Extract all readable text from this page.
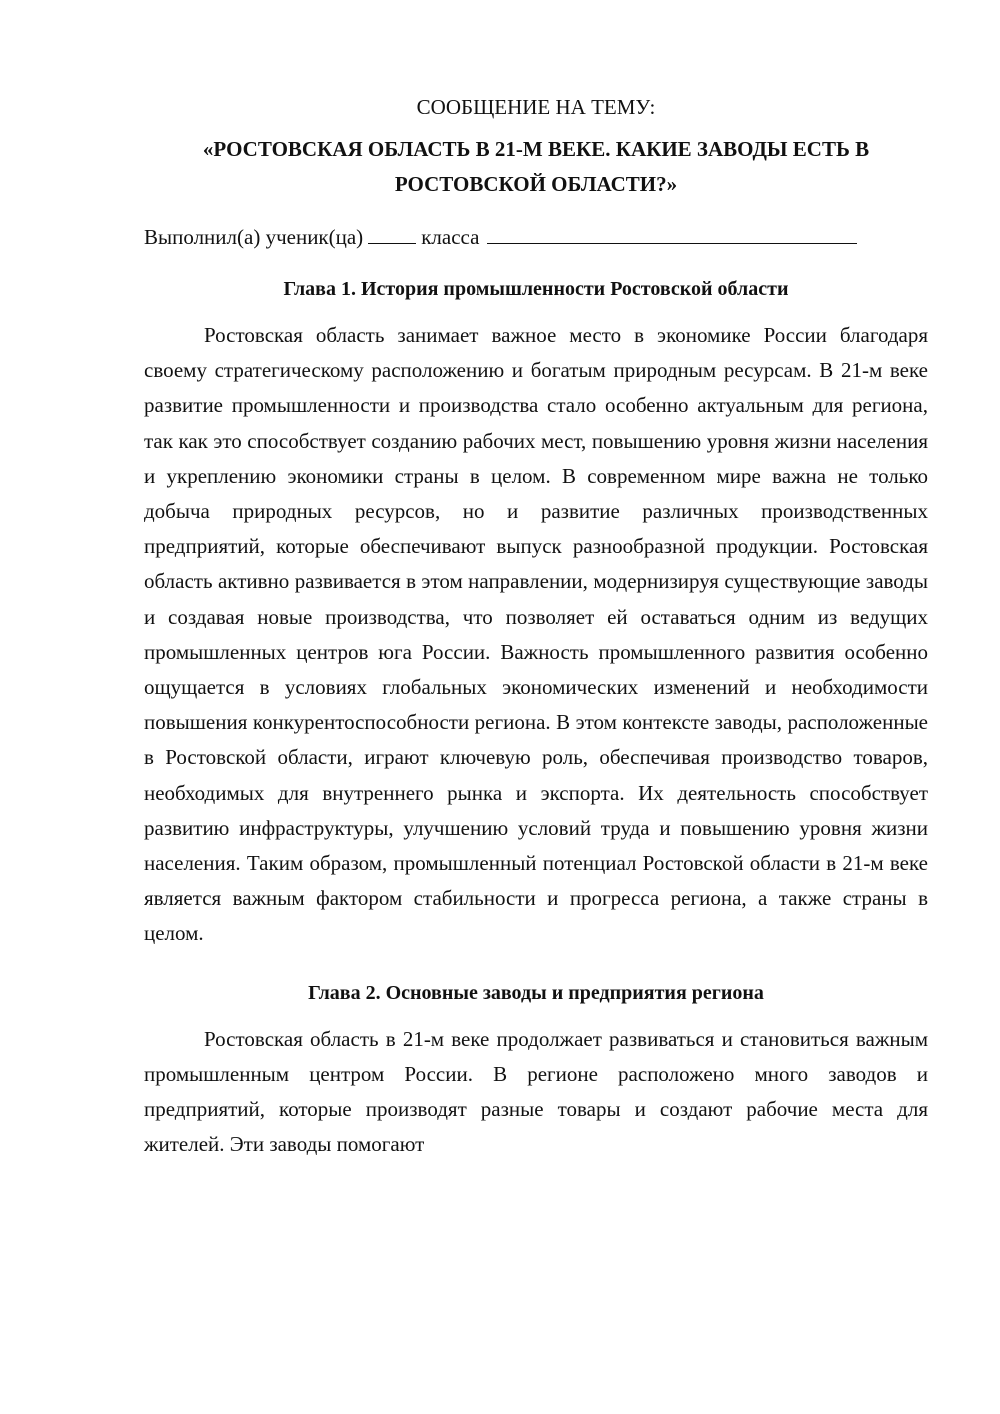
СООБЩЕНИЕ НА ТЕМУ:

«РОСТОВСКАЯ ОБЛАСТЬ В 21-М ВЕКЕ. КАКИЕ ЗАВОДЫ ЕСТЬ В РОСТОВСКОЙ ОБЛАСТИ?»

Выполнил(а) ученик(ца)	класса

Глава 1. История промышленности Ростовской области

Ростовская область занимает важное место в экономике России благодаря своему стратегическому расположению и богатым природным ресурсам. В 21-м веке развитие промышленности и производства стало особенно актуальным для региона, так как это способствует созданию рабочих мест, повышению уровня жизни населения и укреплению экономики страны в целом. В современном мире важна не только добыча природных ресурсов, но и развитие различных производственных предприятий, которые обеспечивают выпуск разнообразной продукции. Ростовская область активно развивается в этом направлении, модернизируя существующие заводы и создавая новые производства, что позволяет ей оставаться одним из ведущих промышленных центров юга России. Важность промышленного развития особенно ощущается в условиях глобальных экономических изменений и необходимости повышения конкурентоспособности региона. В этом контексте заводы, расположенные в Ростовской области, играют ключевую роль, обеспечивая производство товаров, необходимых для внутреннего рынка и экспорта. Их деятельность способствует развитию инфраструктуры, улучшению условий труда и повышению уровня жизни населения. Таким образом, промышленный потенциал Ростовской области в 21-м веке является важным фактором стабильности и прогресса региона, а также страны в целом.

Глава 2. Основные заводы и предприятия региона

Ростовская область в 21-м веке продолжает развиваться и становиться важным промышленным центром России. В регионе расположено много заводов и предприятий, которые производят разные товары и создают рабочие места для жителей. Эти заводы помогают
